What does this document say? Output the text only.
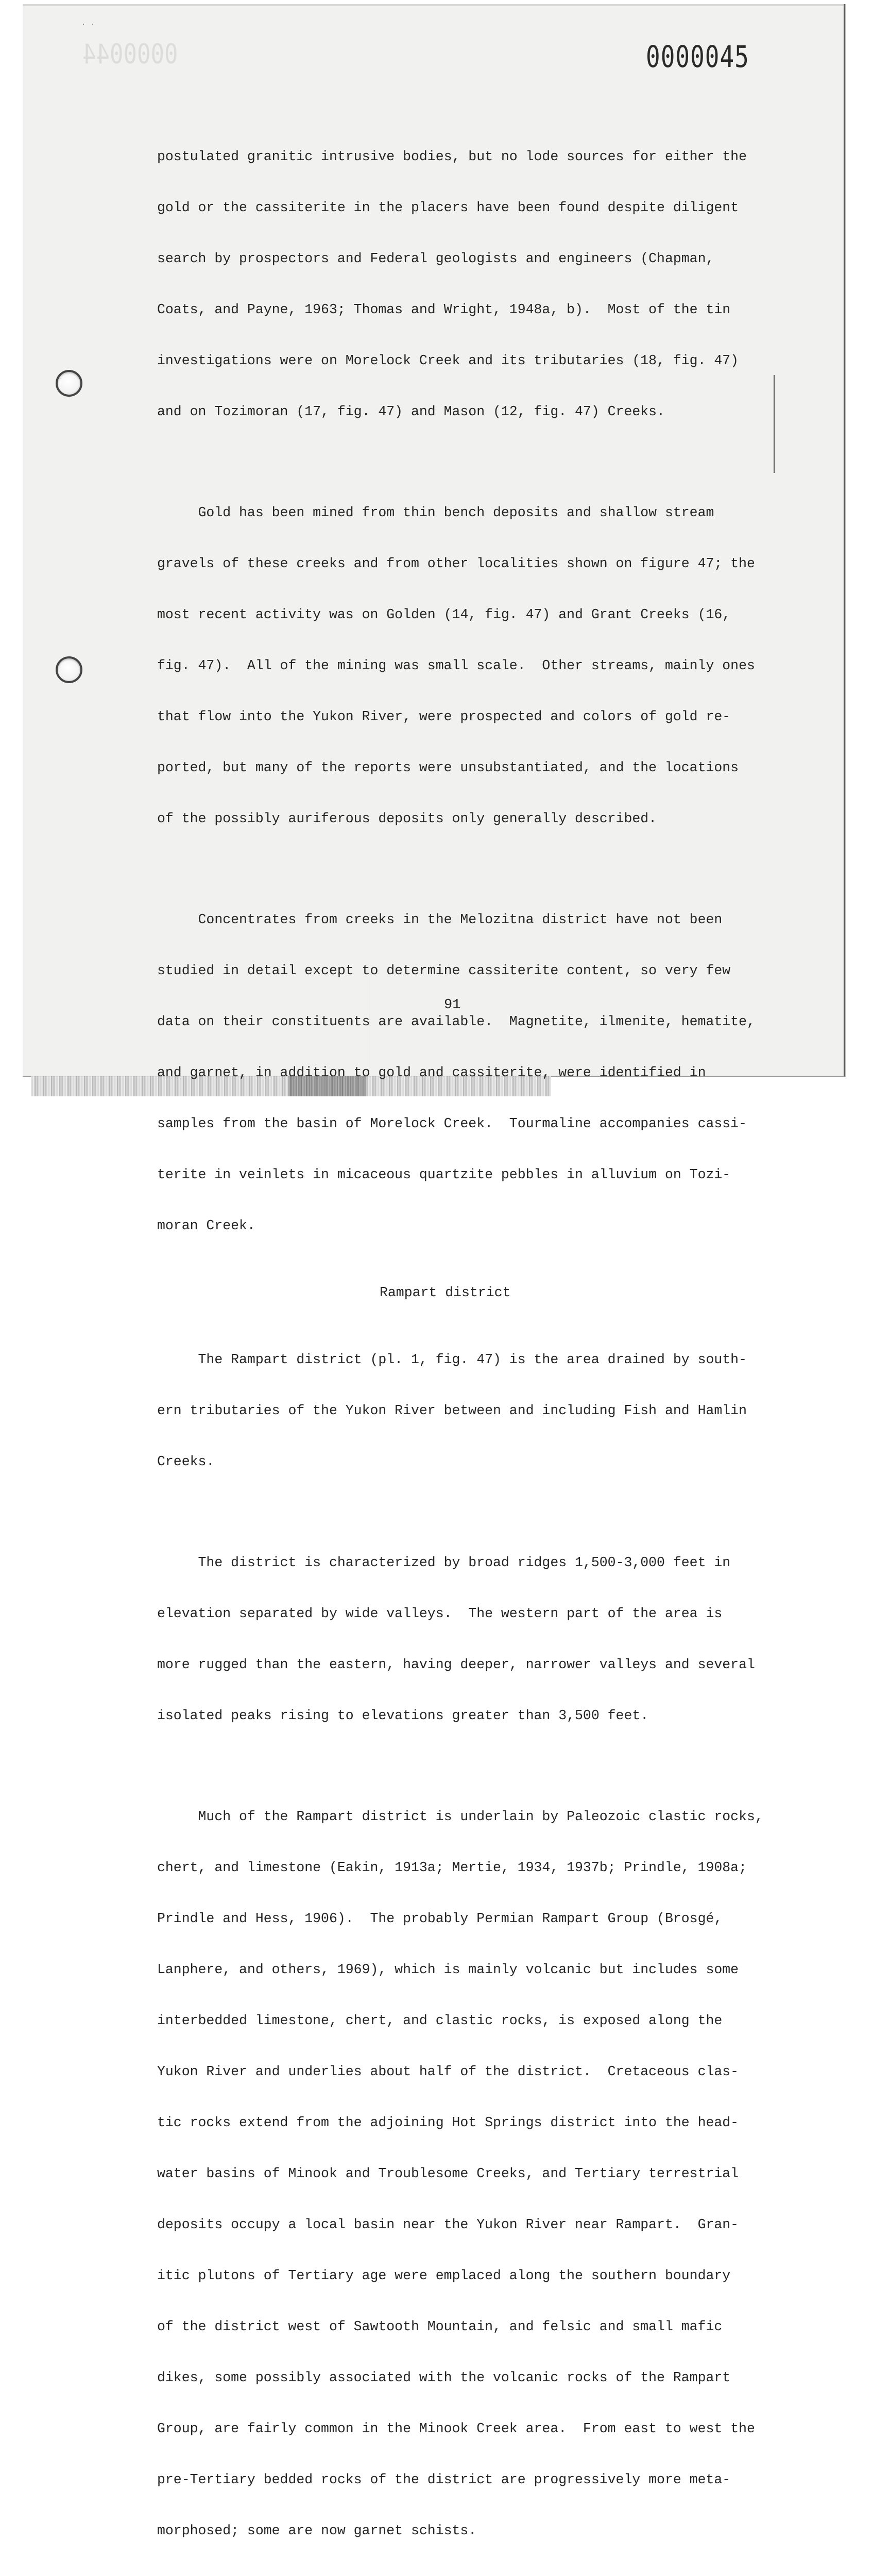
·   ·
0000044	0000045

postulated granitic intrusive bodies, but no lode sources for either the

gold or the cassiterite in the placers have been found despite diligent

search by prospectors and Federal geologists and engineers (Chapman,

Coats, and Payne, 1963; Thomas and Wright, 1948a, b).  Most of the tin

investigations were on Morelock Creek and its tributaries (18, fig. 47)

and on Tozimoran (17, fig. 47) and Mason (12, fig. 47) Creeks.

Gold has been mined from thin bench deposits and shallow stream

gravels of these creeks and from other localities shown on figure 47; the

most recent activity was on Golden (14, fig. 47) and Grant Creeks (16,

fig. 47).  All of the mining was small scale.  Other streams, mainly ones

that flow into the Yukon River, were prospected and colors of gold re-

ported, but many of the reports were unsubstantiated, and the locations

of the possibly auriferous deposits only generally described.

Concentrates from creeks in the Melozitna district have not been

studied in detail except to determine cassiterite content, so very few

data on their constituents are available.  Magnetite, ilmenite, hematite,

and garnet, in addition to gold and cassiterite, were identified in

samples from the basin of Morelock Creek.  Tourmaline accompanies cassi-

terite in veinlets in micaceous quartzite pebbles in alluvium on Tozi-

moran Creek.

Rampart district

The Rampart district (pl. 1, fig. 47) is the area drained by south-

ern tributaries of the Yukon River between and including Fish and Hamlin

Creeks.

The district is characterized by broad ridges 1,500-3,000 feet in

elevation separated by wide valleys.  The western part of the area is

more rugged than the eastern, having deeper, narrower valleys and several

isolated peaks rising to elevations greater than 3,500 feet.

Much of the Rampart district is underlain by Paleozoic clastic rocks,

chert, and limestone (Eakin, 1913a; Mertie, 1934, 1937b; Prindle, 1908a;

Prindle and Hess, 1906).  The probably Permian Rampart Group (Brosgé,

Lanphere, and others, 1969), which is mainly volcanic but includes some

interbedded limestone, chert, and clastic rocks, is exposed along the

Yukon River and underlies about half of the district.  Cretaceous clas-

tic rocks extend from the adjoining Hot Springs district into the head-

water basins of Minook and Troublesome Creeks, and Tertiary terrestrial

deposits occupy a local basin near the Yukon River near Rampart.  Gran-

itic plutons of Tertiary age were emplaced along the southern boundary

of the district west of Sawtooth Mountain, and felsic and small mafic

dikes, some possibly associated with the volcanic rocks of the Rampart

Group, are fairly common in the Minook Creek area.  From east to west the

pre-Tertiary bedded rocks of the district are progressively more meta-

morphosed; some are now garnet schists.

91
